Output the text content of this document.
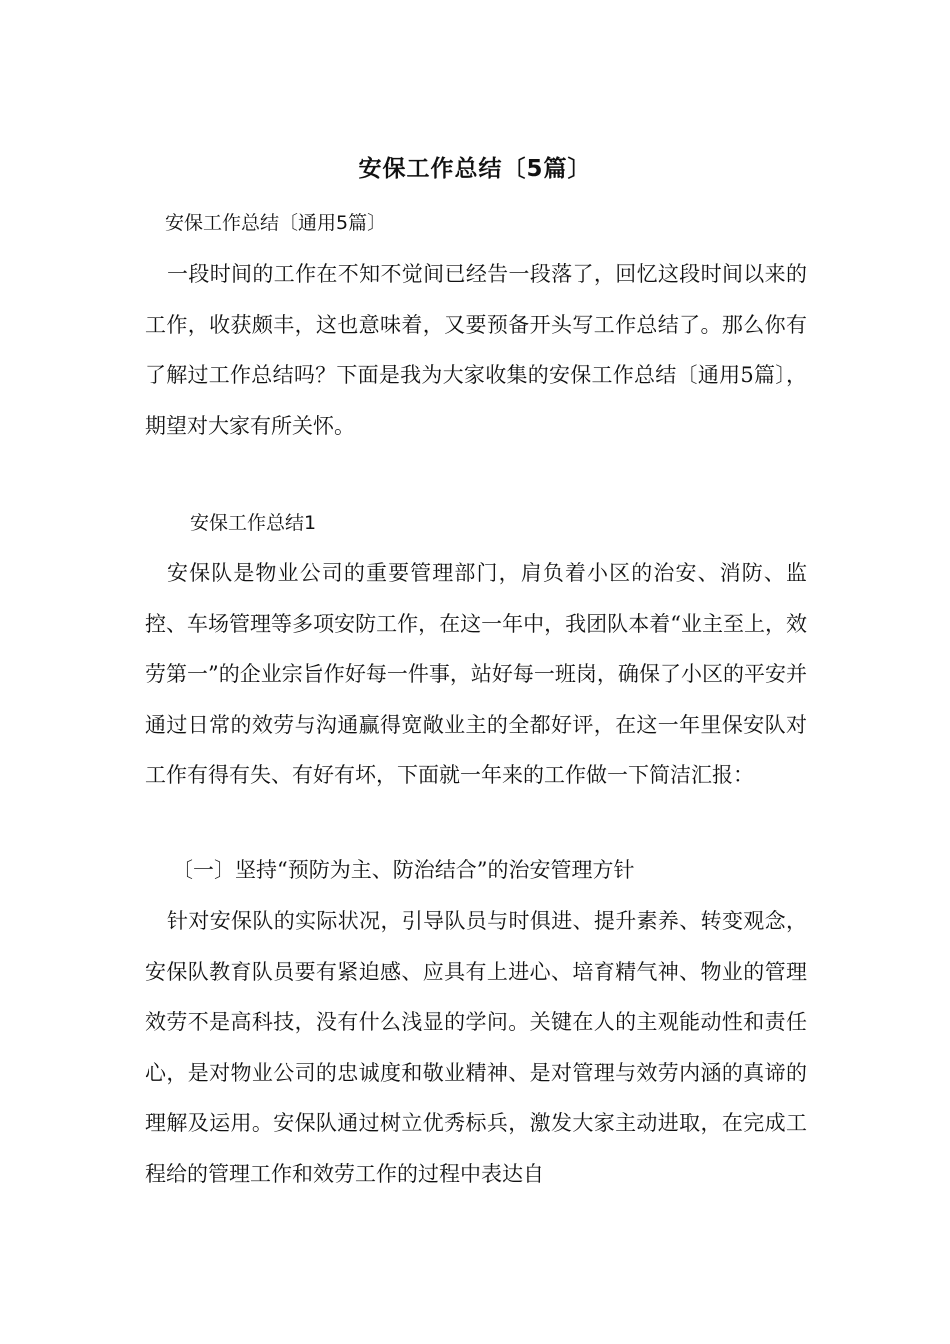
安保工作总结〔5篇〕
安保工作总结〔通用5篇〕

一段时间的工作在不知不觉间已经告一段落了，回忆这段时间以来的工作，收获颇丰，这也意味着，又要预备开头写工作总结了。那么你有了解过工作总结吗？下面是我为大家收集的安保工作总结〔通用5篇〕，期望对大家有所关怀。

安保工作总结1

安保队是物业公司的重要管理部门，肩负着小区的治安、消防、监控、车场管理等多项安防工作，在这一年中，我团队本着“业主至上，效劳第一”的企业宗旨作好每一件事，站好每一班岗，确保了小区的平安并通过日常的效劳与沟通赢得宽敞业主的全都好评，在这一年里保安队对工作有得有失、有好有坏，下面就一年来的工作做一下简洁汇报：

〔一〕坚持“预防为主、防治结合”的治安管理方针

针对安保队的实际状况，引导队员与时俱进、提升素养、转变观念，安保队教育队员要有紧迫感、应具有上进心、培育精气神、物业的管理效劳不是高科技，没有什么浅显的学问。关键在人的主观能动性和责任心，是对物业公司的忠诚度和敬业精神、是对管理与效劳内涵的真谛的理解及运用。安保队通过树立优秀标兵，激发大家主动进取，在完成工程给的管理工作和效劳工作的过程中表达自
